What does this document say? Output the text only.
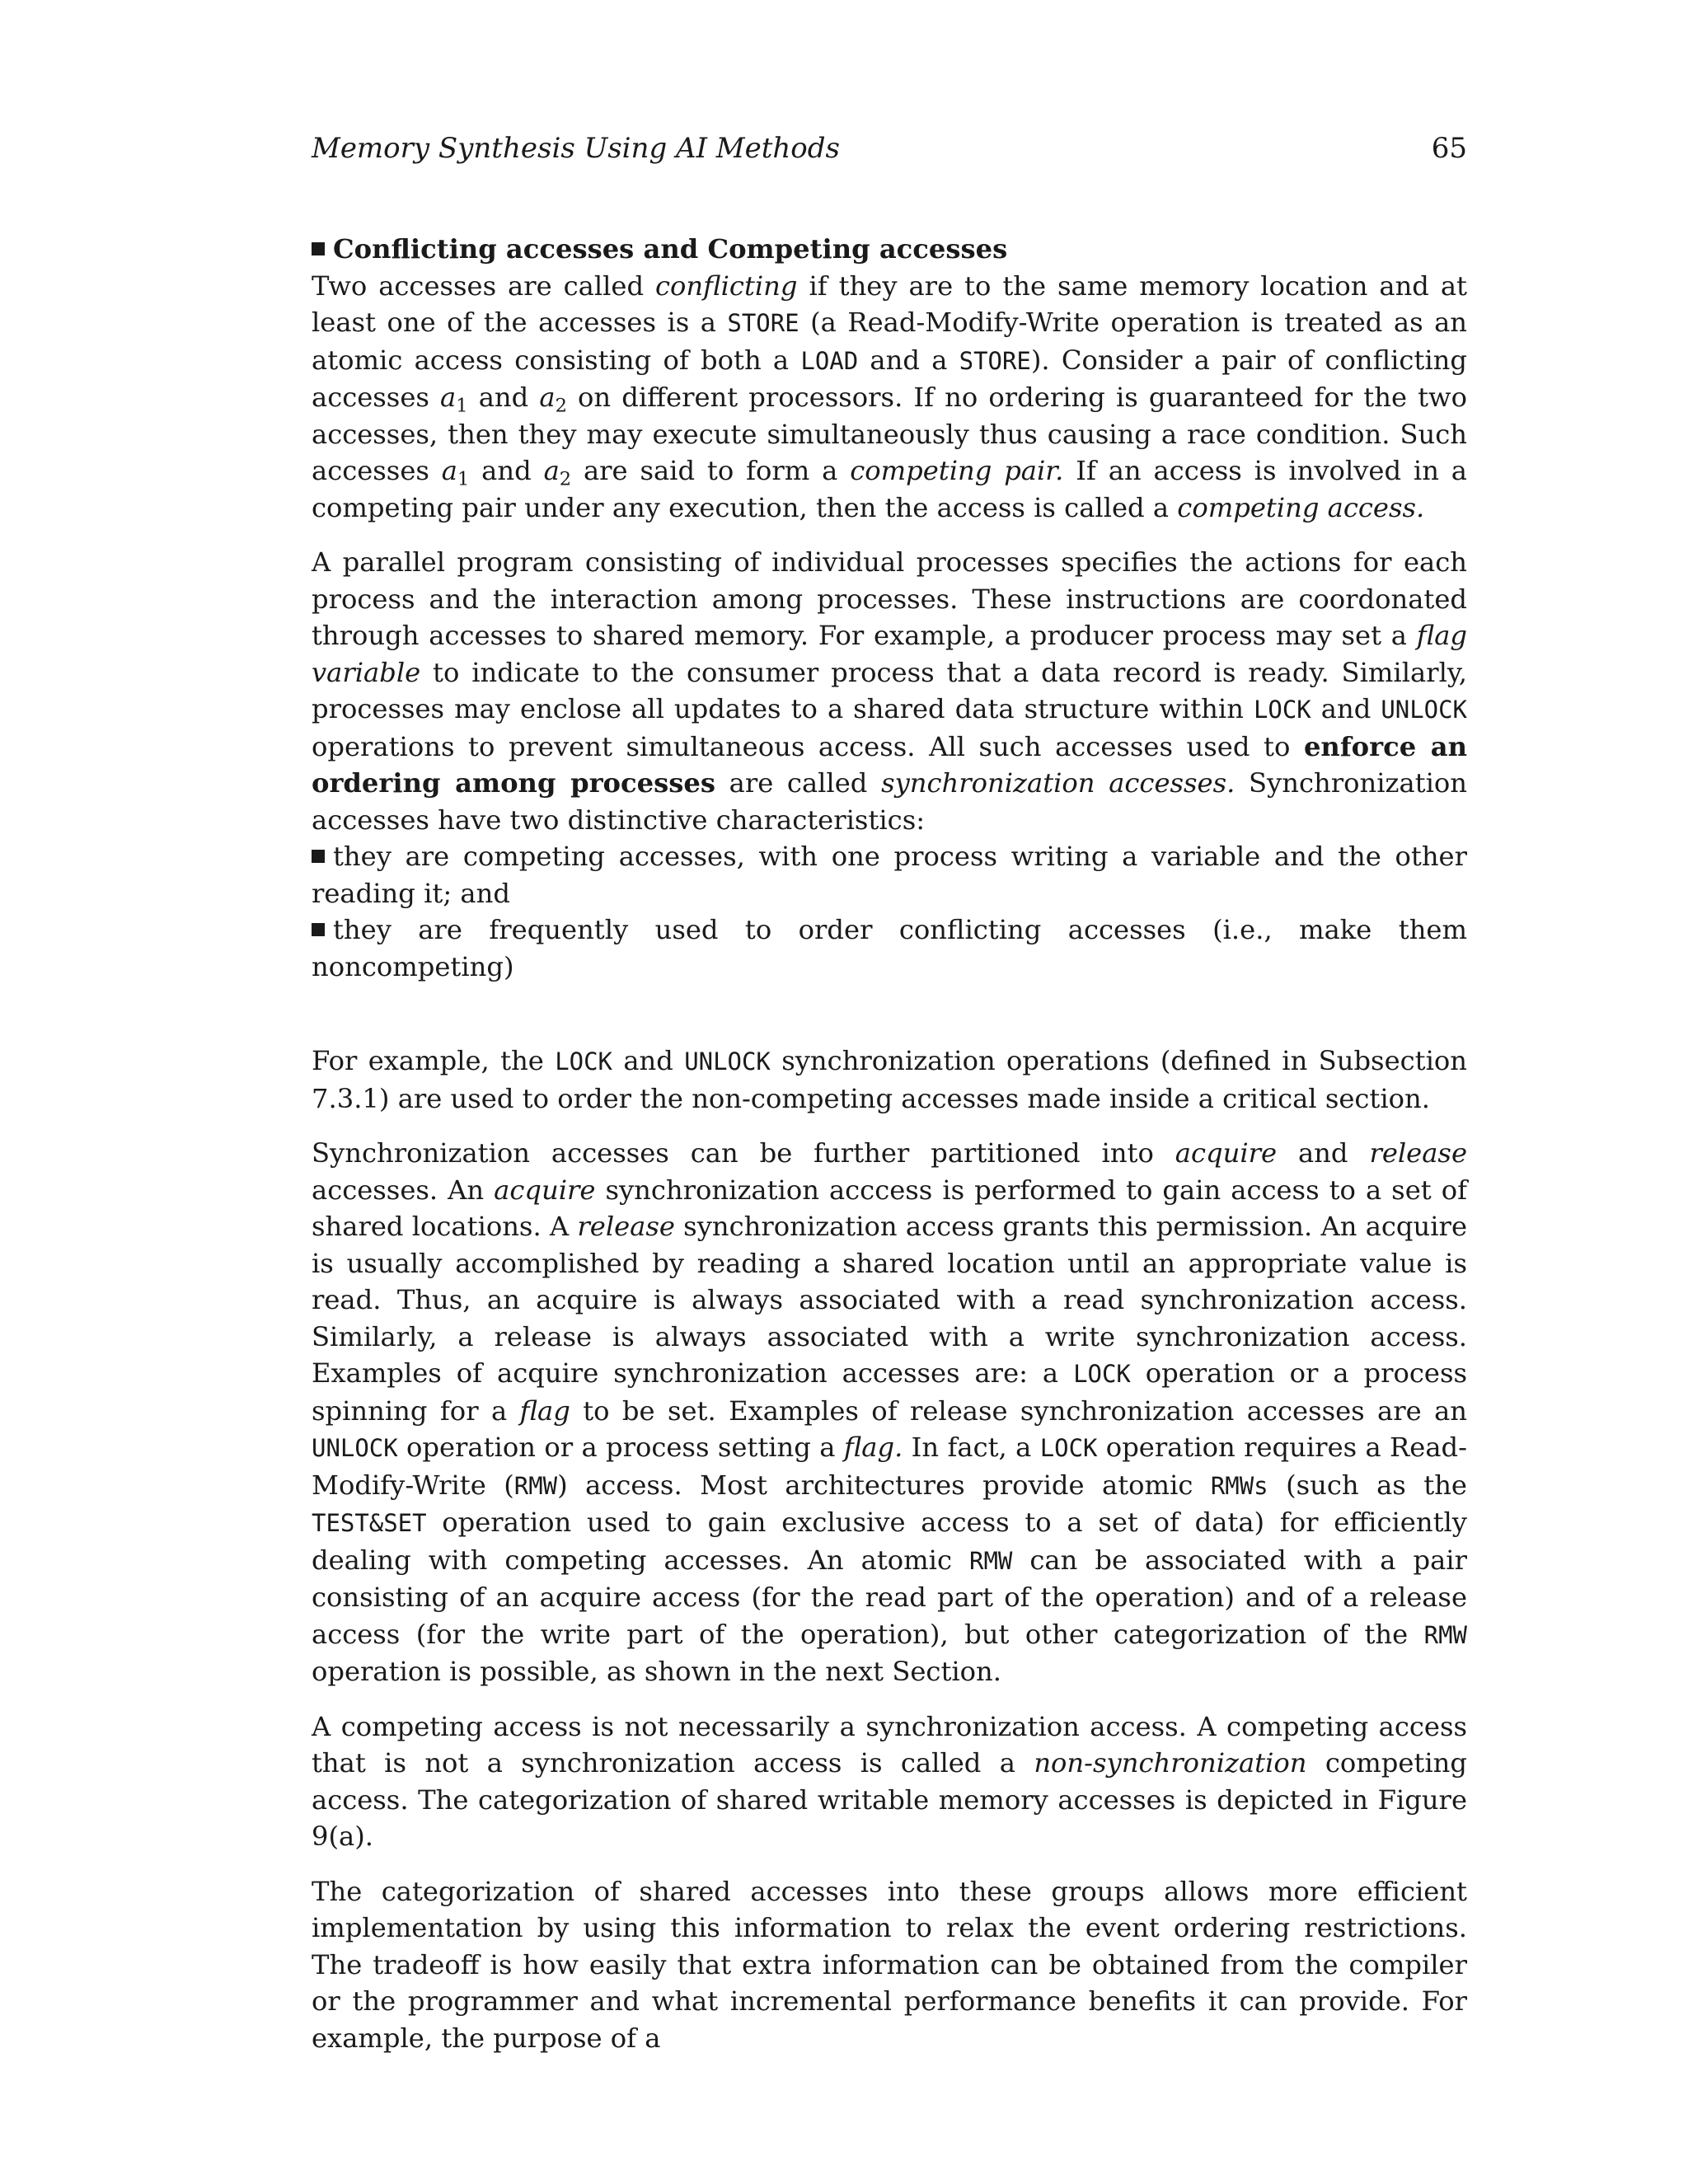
Memory Synthesis Using AI Methods	65

Conflicting accesses and Competing accesses

Two accesses are called conflicting if they are to the same memory location and at least one of the accesses is a STORE (a Read-Modify-Write operation is treated as an atomic access consisting of both a LOAD and a STORE). Consider a pair of conflicting accesses $a_1$ and $a_2$ on different processors. If no ordering is guaranteed for the two accesses, then they may execute simultaneously thus causing a race condition. Such accesses $a_1$ and $a_2$ are said to form a competing pair. If an access is involved in a competing pair under any execution, then the access is called a competing access.

A parallel program consisting of individual processes specifies the actions for each process and the interaction among processes. These instructions are coordonated through accesses to shared memory. For example, a producer process may set a flag variable to indicate to the consumer process that a data record is ready. Similarly, processes may enclose all updates to a shared data structure within LOCK and UNLOCK operations to prevent simultaneous access. All such accesses used to enforce an ordering among processes are called synchronization accesses. Synchronization accesses have two distinctive characteristics:

they are competing accesses, with one process writing a variable and the other reading it; and
they are frequently used to order conflicting accesses (i.e., make them noncompeting)

For example, the LOCK and UNLOCK synchronization operations (defined in Subsection 7.3.1) are used to order the non-competing accesses made inside a critical section.

Synchronization accesses can be further partitioned into acquire and release accesses. An acquire synchronization acccess is performed to gain access to a set of shared locations. A release synchronization access grants this permission. An acquire is usually accomplished by reading a shared location until an appropriate value is read. Thus, an acquire is always associated with a read synchronization access. Similarly, a release is always associated with a write synchronization access. Examples of acquire synchronization accesses are: a LOCK operation or a process spinning for a flag to be set. Examples of release synchronization accesses are an UNLOCK operation or a process setting a flag. In fact, a LOCK operation requires a Read-Modify-Write (RMW) access. Most architectures provide atomic RMWs (such as the TEST&SET operation used to gain exclusive access to a set of data) for efficiently dealing with competing accesses. An atomic RMW can be associated with a pair consisting of an acquire access (for the read part of the operation) and of a release access (for the write part of the operation), but other categorization of the RMW operation is possible, as shown in the next Section.

A competing access is not necessarily a synchronization access. A competing access that is not a synchronization access is called a non-synchronization competing access. The categorization of shared writable memory accesses is depicted in Figure 9(a).

The categorization of shared accesses into these groups allows more efficient implementation by using this information to relax the event ordering restrictions. The tradeoff is how easily that extra information can be obtained from the compiler or the programmer and what incremental performance benefits it can provide. For example, the purpose of a
